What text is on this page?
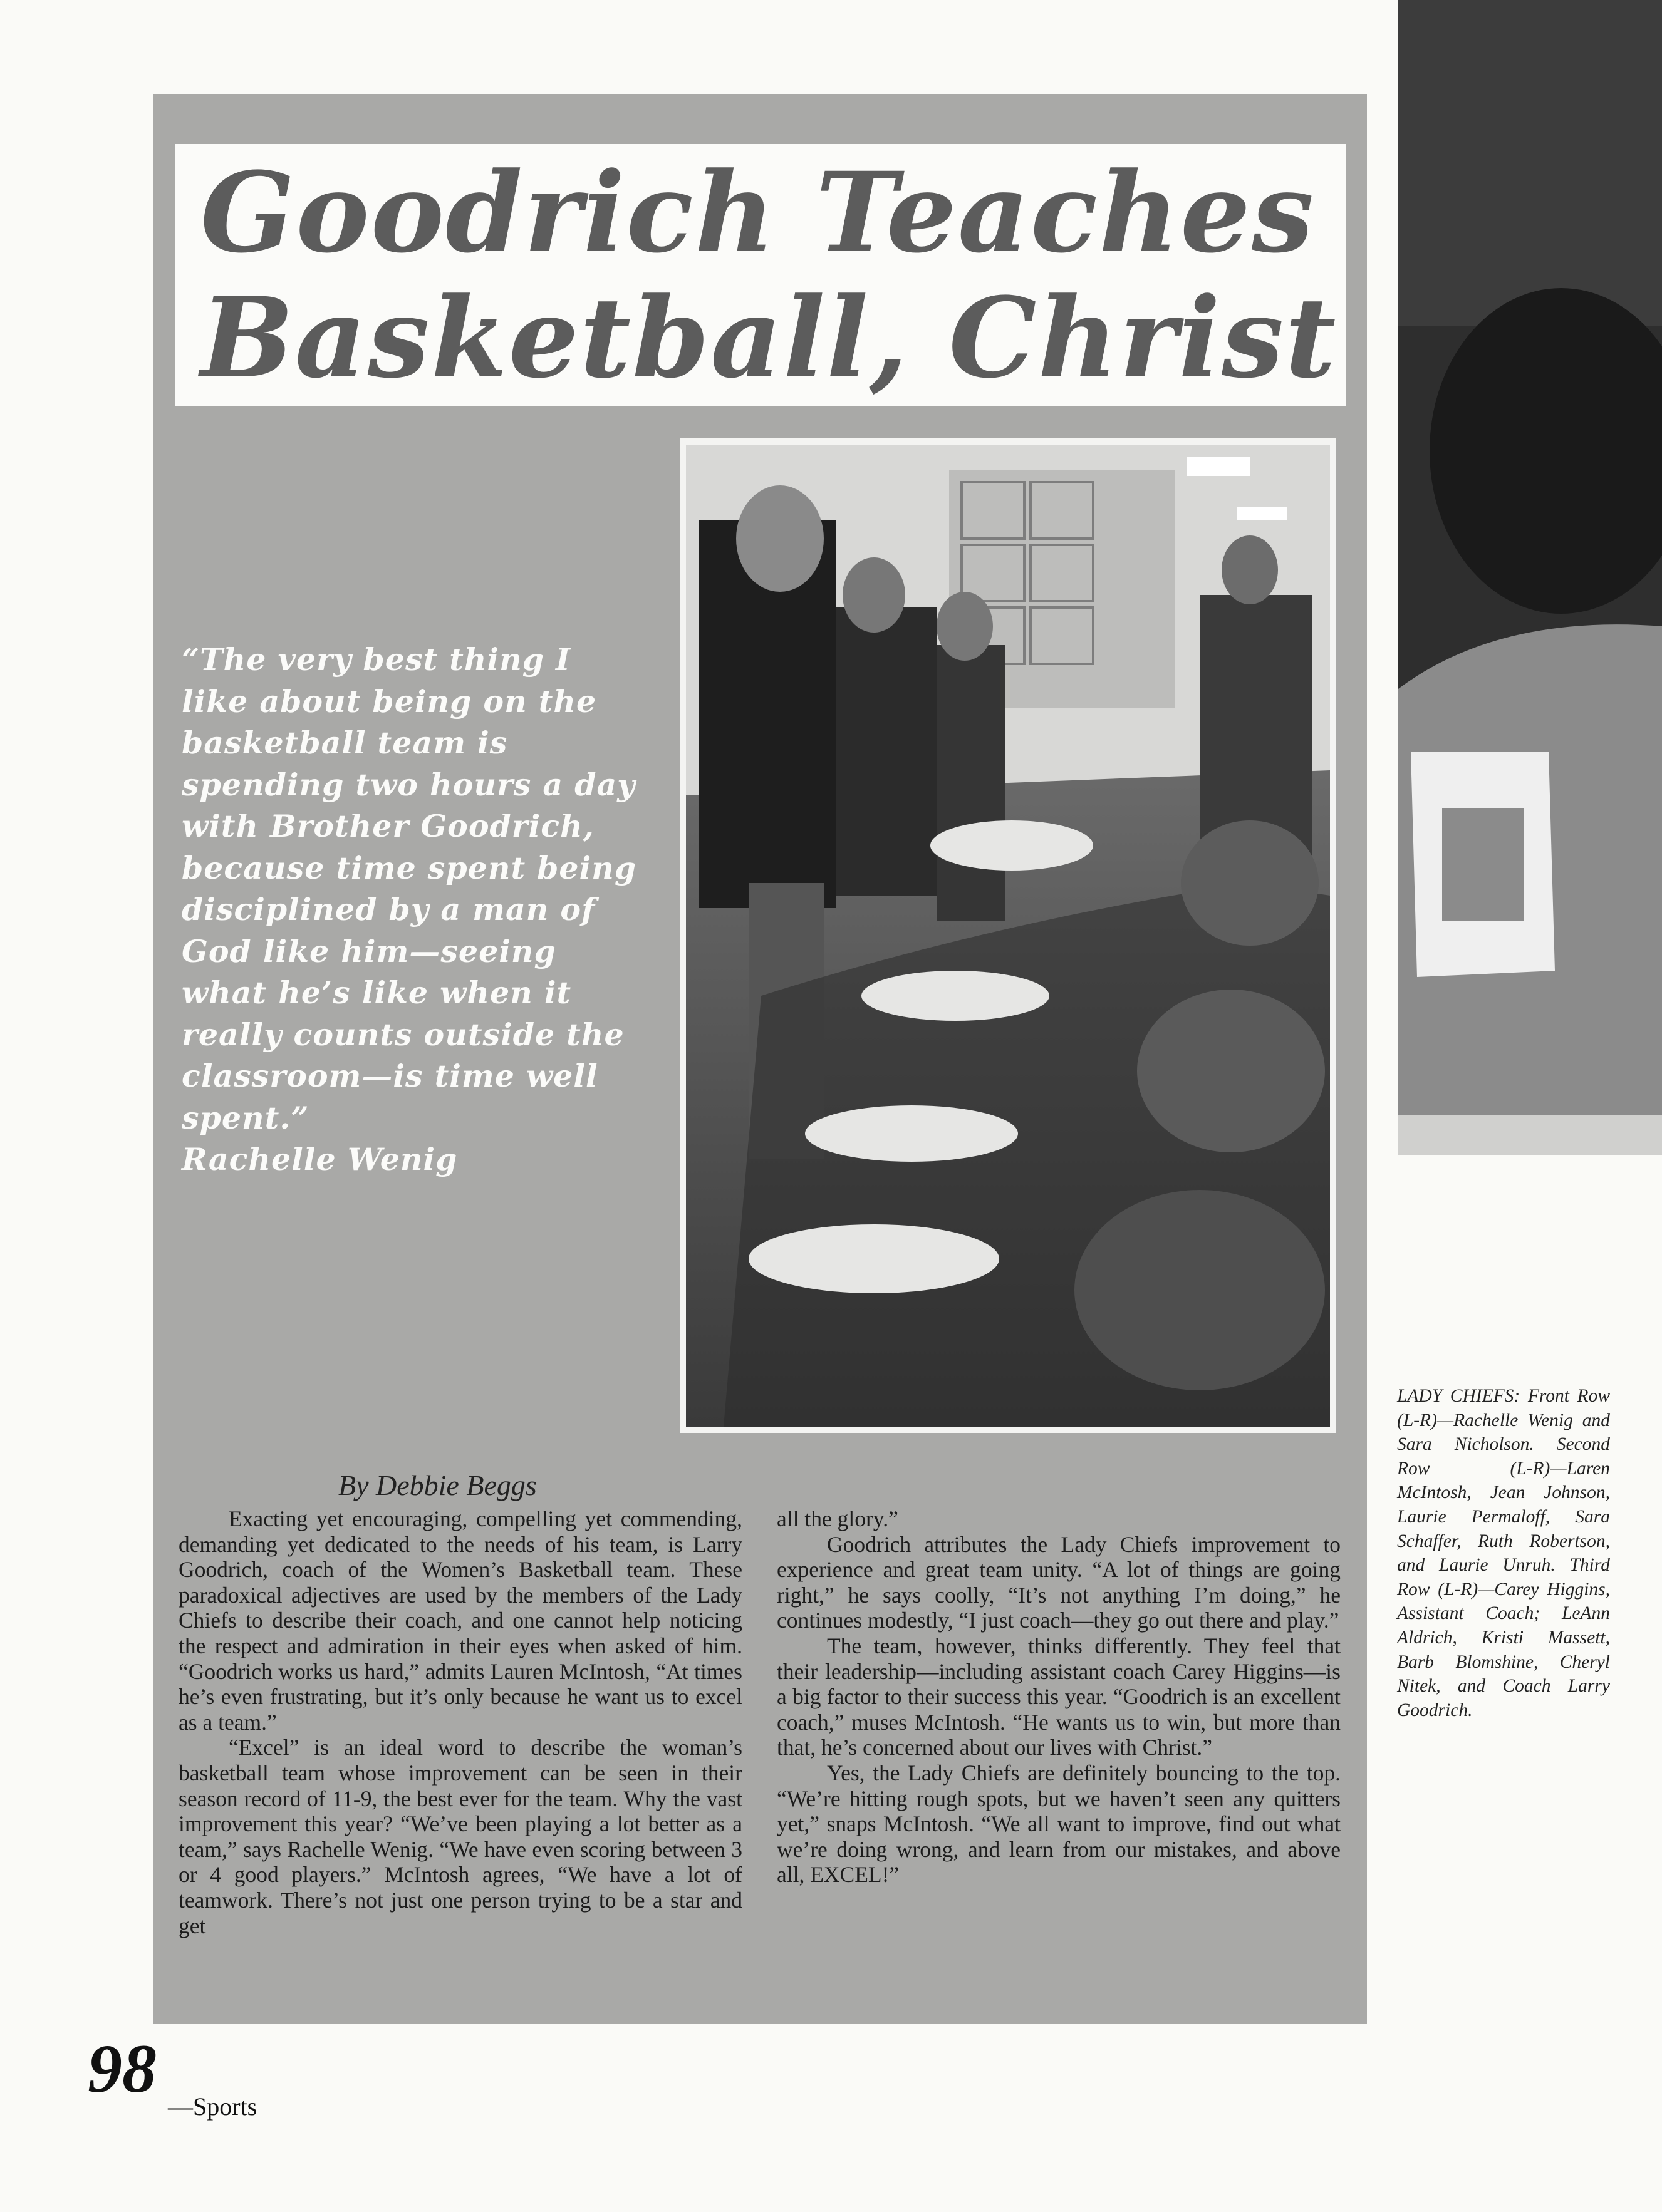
Goodrich Teaches
Basketball, Christ
“The very best thing I like about being on the basketball team is spending two hours a day with Brother Goodrich, because time spent being disciplined by a man of God like him—seeing what he’s like when it really counts outside the classroom—is time well spent.”
Rachelle Wenig
By Debbie Beggs

Exacting yet encouraging, compelling yet commending, demanding yet dedicated to the needs of his team, is Larry Goodrich, coach of the Women’s Basketball team. These paradoxical adjectives are used by the members of the Lady Chiefs to describe their coach, and one cannot help noticing the respect and admiration in their eyes when asked of him. “Goodrich works us hard,” admits Lauren McIntosh, “At times he’s even frustrating, but it’s only because he want us to excel as a team.”

“Excel” is an ideal word to describe the woman’s basketball team whose improvement can be seen in their season record of 11-9, the best ever for the team. Why the vast improvement this year? “We’ve been playing a lot better as a team,” says Rachelle Wenig. “We have even scoring between 3 or 4 good players.” McIntosh agrees, “We have a lot of teamwork. There’s not just one person trying to be a star and get

all the glory.”

Goodrich attributes the Lady Chiefs improvement to experience and great team unity. “A lot of things are going right,” he says coolly, “It’s not anything I’m doing,” he continues modestly, “I just coach—they go out there and play.”

The team, however, thinks differently. They feel that their leadership—including assistant coach Carey Higgins—is a big factor to their success this year. “Goodrich is an excellent coach,” muses McIntosh. “He wants us to win, but more than that, he’s concerned about our lives with Christ.”

Yes, the Lady Chiefs are definitely bouncing to the top. “We’re hitting rough spots, but we haven’t seen any quitters yet,” snaps McIntosh. “We all want to improve, find out what we’re doing wrong, and learn from our mistakes, and above all, EXCEL!”

LADY CHIEFS: Front Row (L-R)—Rachelle Wenig and Sara Nicholson. Second Row (L-R)—Laren McIntosh, Jean Johnson, Laurie Permaloff, Sara Schaffer, Ruth Robertson, and Laurie Unruh. Third Row (L-R)—Carey Higgins, Assistant Coach; LeAnn Aldrich, Kristi Massett, Barb Blomshine, Cheryl Nitek, and Coach Larry Goodrich.
98 —Sports
